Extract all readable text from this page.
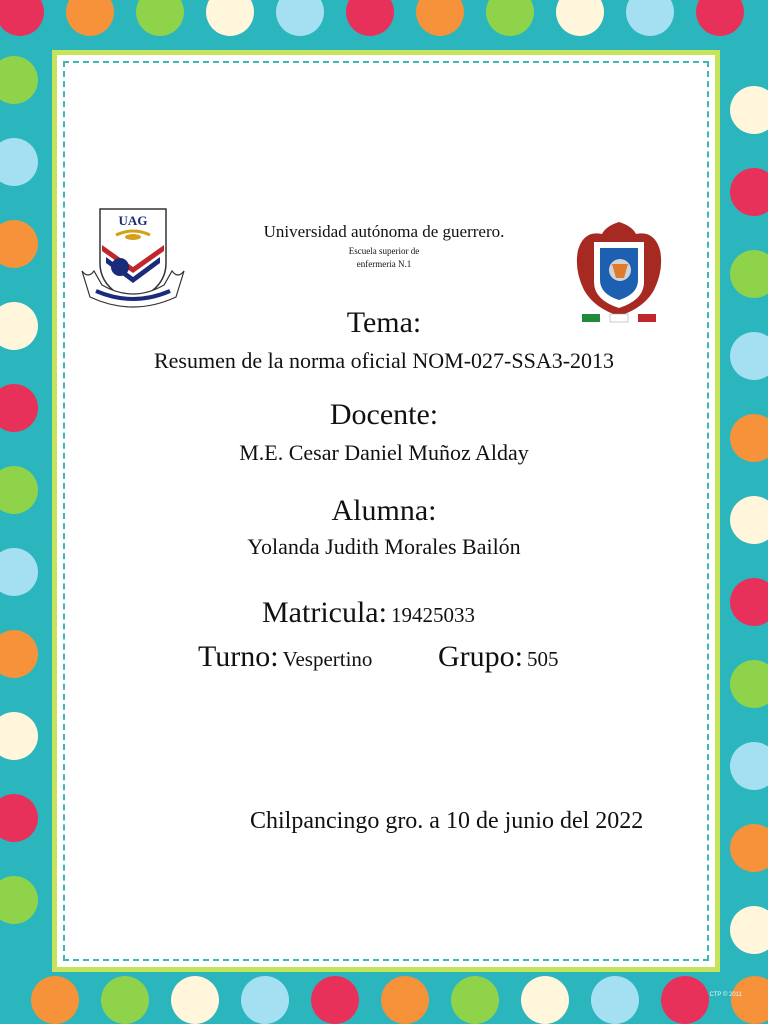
UAG
Universidad autónoma de guerrero.
Escuela superior de
enfermeria N.1
Tema:
Resumen de la norma oficial NOM-027-SSA3-2013
Docente:
M.E. Cesar Daniel Muñoz Alday
Alumna:
Yolanda Judith Morales Bailón
Matricula: 19425033
Turno: Vespertino Grupo: 505
Chilpancingo gro. a 10 de junio del 2022
CTP © 2011
